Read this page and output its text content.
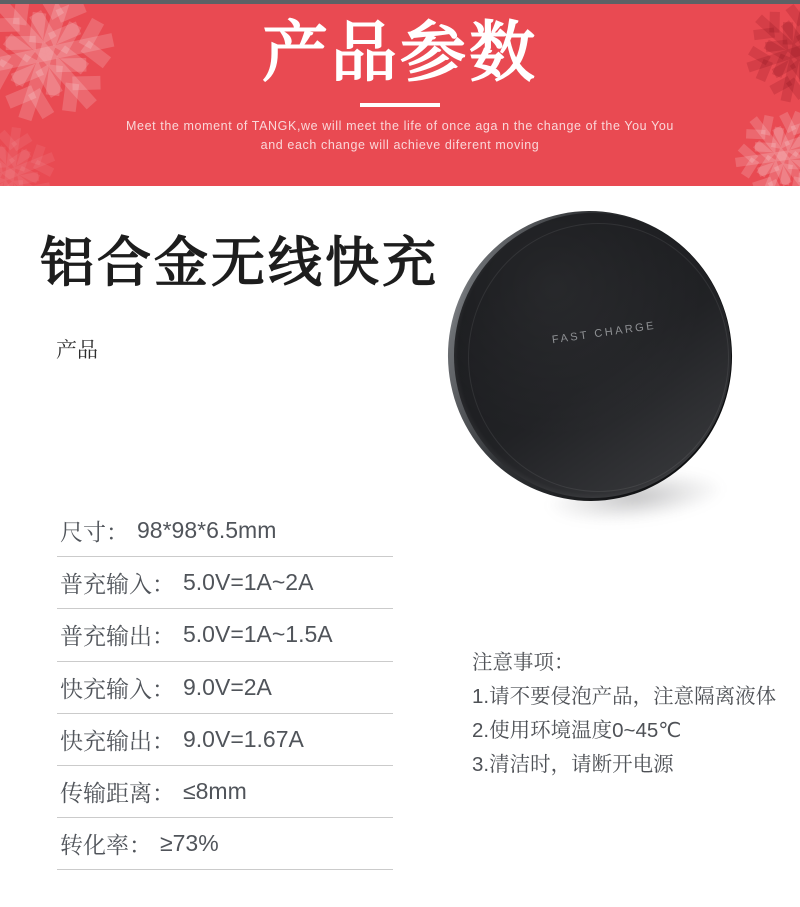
产品参数
Meet the moment of TANGK,we will meet the life of once aga n the change of the You You
and each change will achieve diferent moving
铝合金无线快充
产品
FAST CHARGE
尺寸： 98*98*6.5mm
普充输入： 5.0V=1A~2A
普充输出： 5.0V=1A~1.5A
快充输入： 9.0V=2A
快充输出： 9.0V=1.67A
传输距离： ≤8mm
转化率： ≥73%
注意事项：
1.请不要侵泡产品，注意隔离液体
2.使用环境温度0~45℃
3.清洁时，请断开电源
